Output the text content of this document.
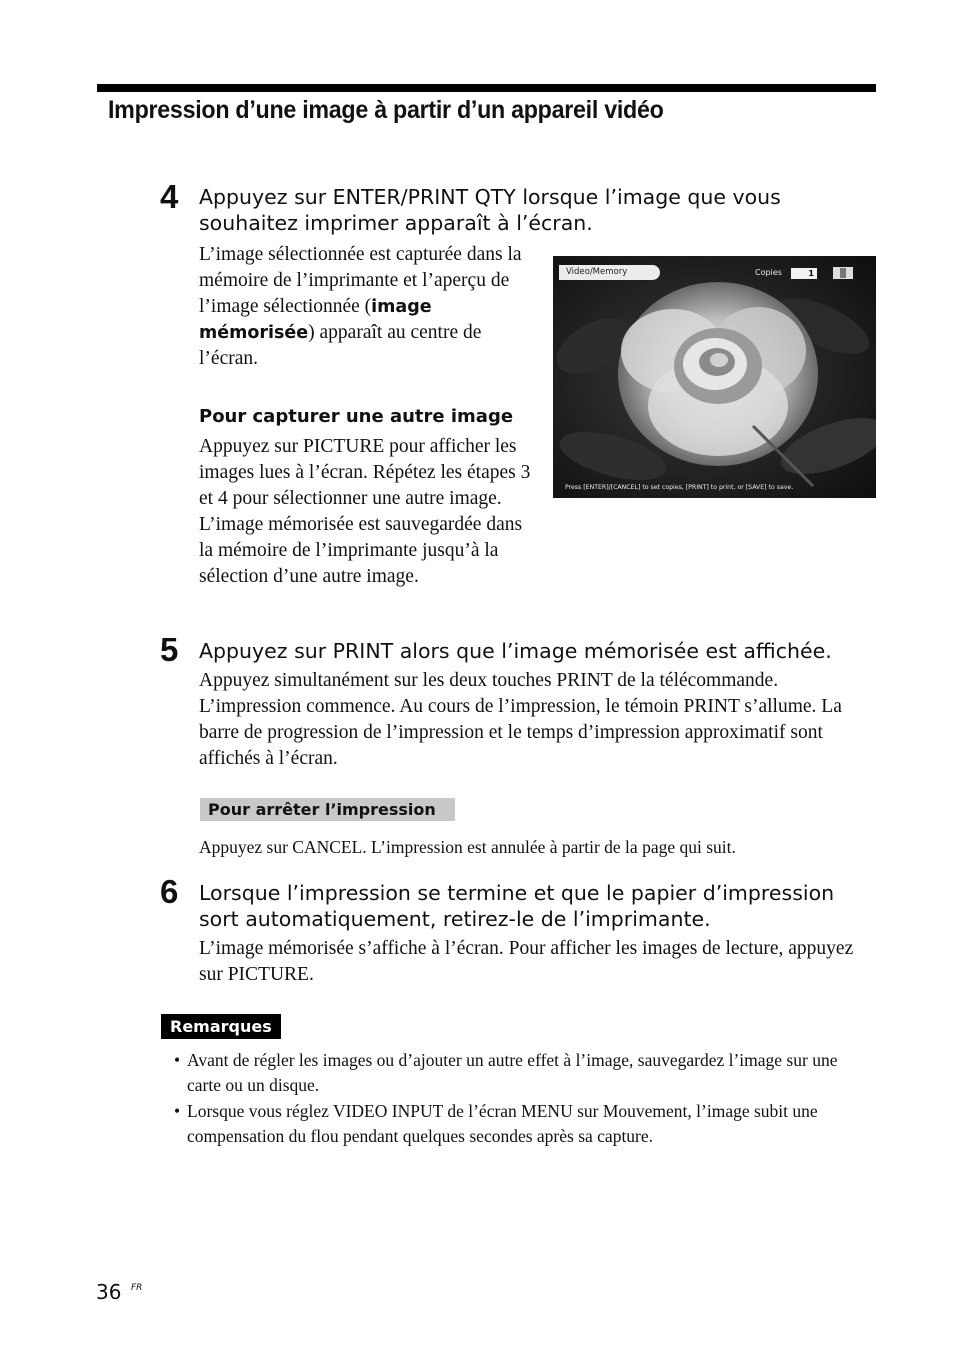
Impression d’une image à partir d’un appareil vidéo
4 Appuyez sur ENTER/PRINT QTY lorsque l’image que vous souhaitez imprimer apparaît à l’écran.
L’image sélectionnée est capturée dans la mémoire de l’imprimante et l’aperçu de l’image sélectionnée (image mémorisée) apparaît au centre de l’écran.
Pour capturer une autre image
Appuyez sur PICTURE pour afficher les images lues à l’écran. Répétez les étapes 3 et 4 pour sélectionner une autre image. L’image mémorisée est sauvegardée dans la mémoire de l’imprimante jusqu’à la sélection d’une autre image.
Video/Memory	Copies	1
Press [ENTER]/[CANCEL] to set copies, [PRINT] to print, or [SAVE] to save.
5 Appuyez sur PRINT alors que l’image mémorisée est affichée.
Appuyez simultanément sur les deux touches PRINT de la télécommande. L’impression commence. Au cours de l’impression, le témoin PRINT s’allume. La barre de progression de l’impression et le temps d’impression approximatif sont affichés à l’écran.
Pour arrêter l’impression
Appuyez sur CANCEL. L’impression est annulée à partir de la page qui suit.
6 Lorsque l’impression se termine et que le papier d’impression sort automatiquement, retirez-le de l’imprimante.
L’image mémorisée s’affiche à l’écran. Pour afficher les images de lecture, appuyez sur PICTURE.
Remarques
• Avant de régler les images ou d’ajouter un autre effet à l’image, sauvegardez l’image sur une carte ou un disque.
• Lorsque vous réglez VIDEO INPUT de l’écran MENU sur Mouvement, l’image subit une compensation du flou pendant quelques secondes après sa capture.
36 FR
